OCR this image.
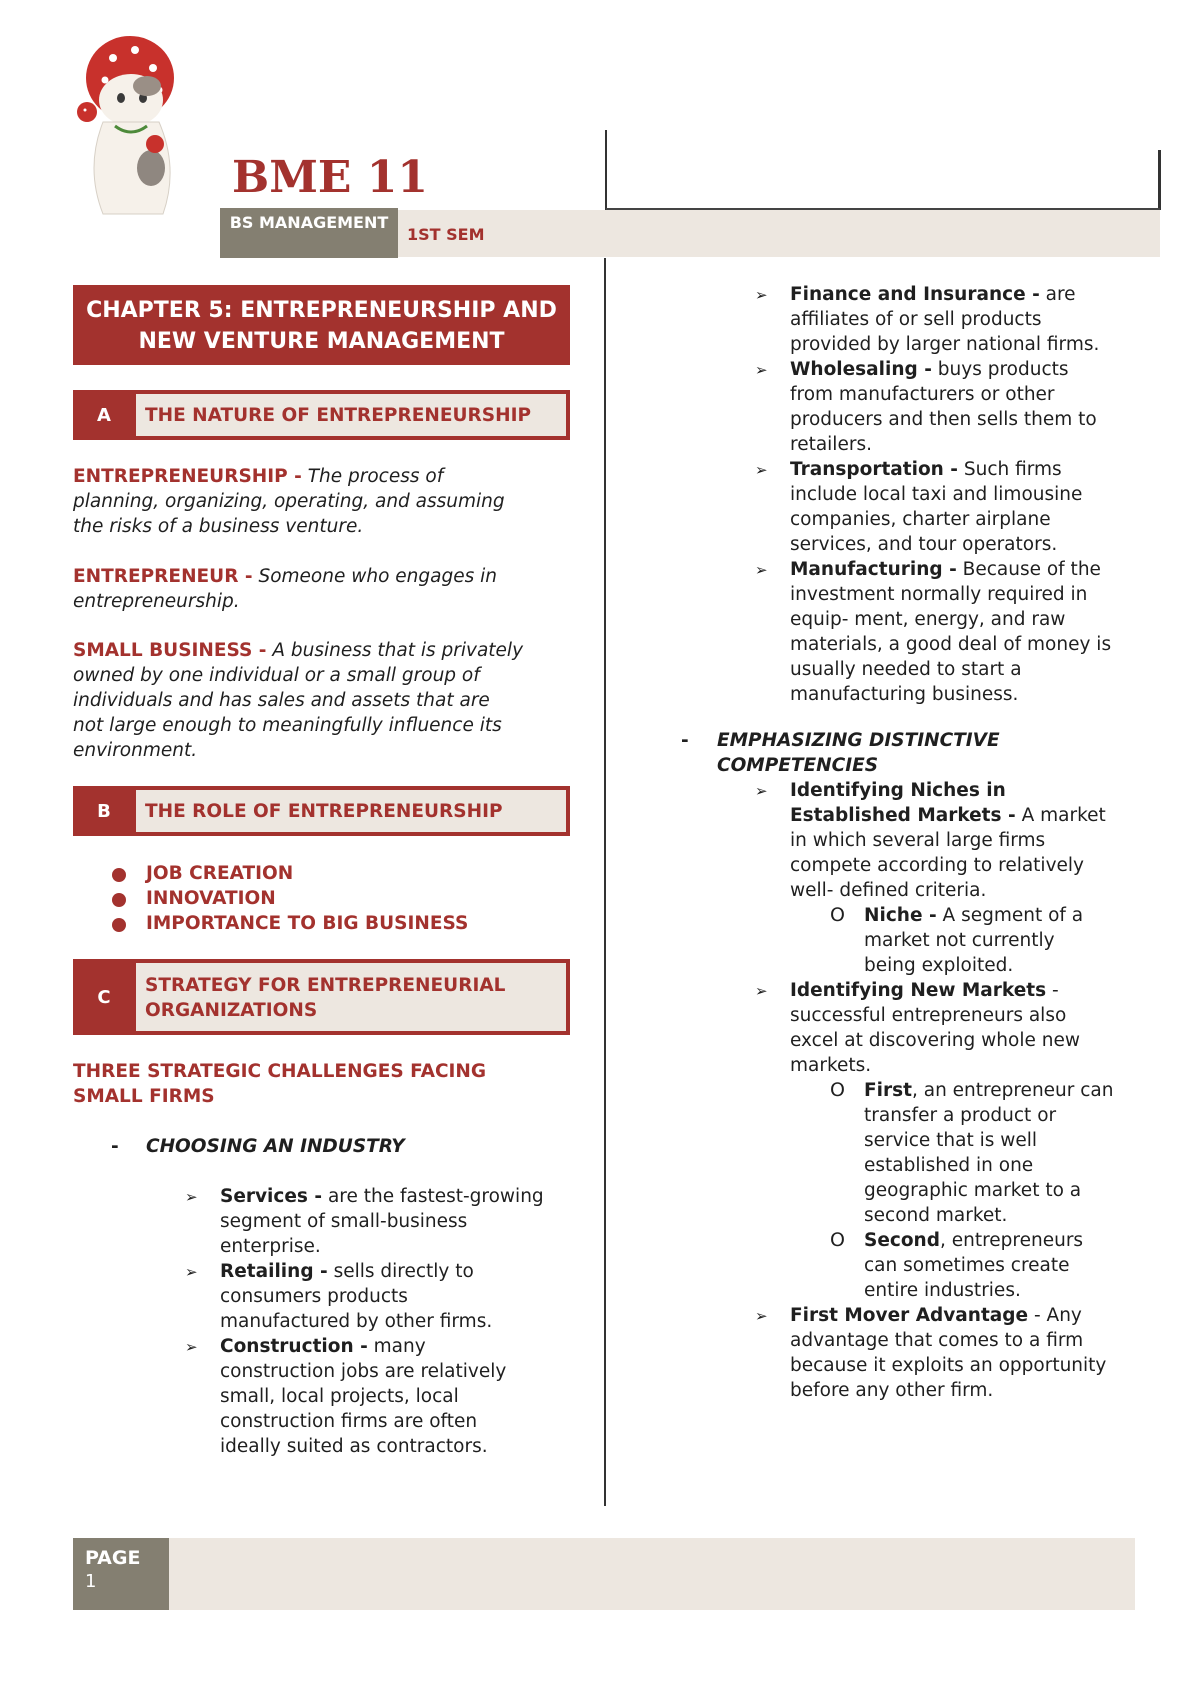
BME 11
BS MANAGEMENT
1ST SEM
CHAPTER 5: ENTREPRENEURSHIP AND NEW VENTURE MANAGEMENT
A	THE NATURE OF ENTREPRENEURSHIP
ENTREPRENEURSHIP - The process of
planning, organizing, operating, and assuming
the risks of a business venture.
ENTREPRENEUR - Someone who engages in
entrepreneurship.
SMALL BUSINESS - A business that is privately
owned by one individual or a small group of
individuals and has sales and assets that are
not large enough to meaningfully influence its
environment.
B	THE ROLE OF ENTREPRENEURSHIP
JOB CREATION
INNOVATION
IMPORTANCE TO BIG BUSINESS
C
STRATEGY FOR ENTREPRENEURIAL
ORGANIZATIONS
THREE STRATEGIC CHALLENGES FACING
SMALL FIRMS
- CHOOSING AN INDUSTRY
➢ Services - are the fastest-growing
segment of small-business
enterprise.
➢ Retailing - sells directly to
consumers products
manufactured by other firms.
➢ Construction - many
construction jobs are relatively
small, local projects, local
construction firms are often
ideally suited as contractors.
➢ Finance and Insurance - are
affiliates of or sell products
provided by larger national firms.
➢ Wholesaling - buys products
from manufacturers or other
producers and then sells them to
retailers.
➢ Transportation - Such firms
include local taxi and limousine
companies, charter airplane
services, and tour operators.
➢ Manufacturing - Because of the
investment normally required in
equip- ment, energy, and raw
materials, a good deal of money is
usually needed to start a
manufacturing business.
- EMPHASIZING DISTINCTIVE
COMPETENCIES
➢ Identifying Niches in
Established Markets - A market
in which several large firms
compete according to relatively
well- defined criteria.
O Niche - A segment of a
market not currently
being exploited.
➢ Identifying New Markets -
successful entrepreneurs also
excel at discovering whole new
markets.
O First, an entrepreneur can
transfer a product or
service that is well
established in one
geographic market to a
second market.
O Second, entrepreneurs
can sometimes create
entire industries.
➢ First Mover Advantage - Any
advantage that comes to a firm
because it exploits an opportunity
before any other firm.
PAGE
1
